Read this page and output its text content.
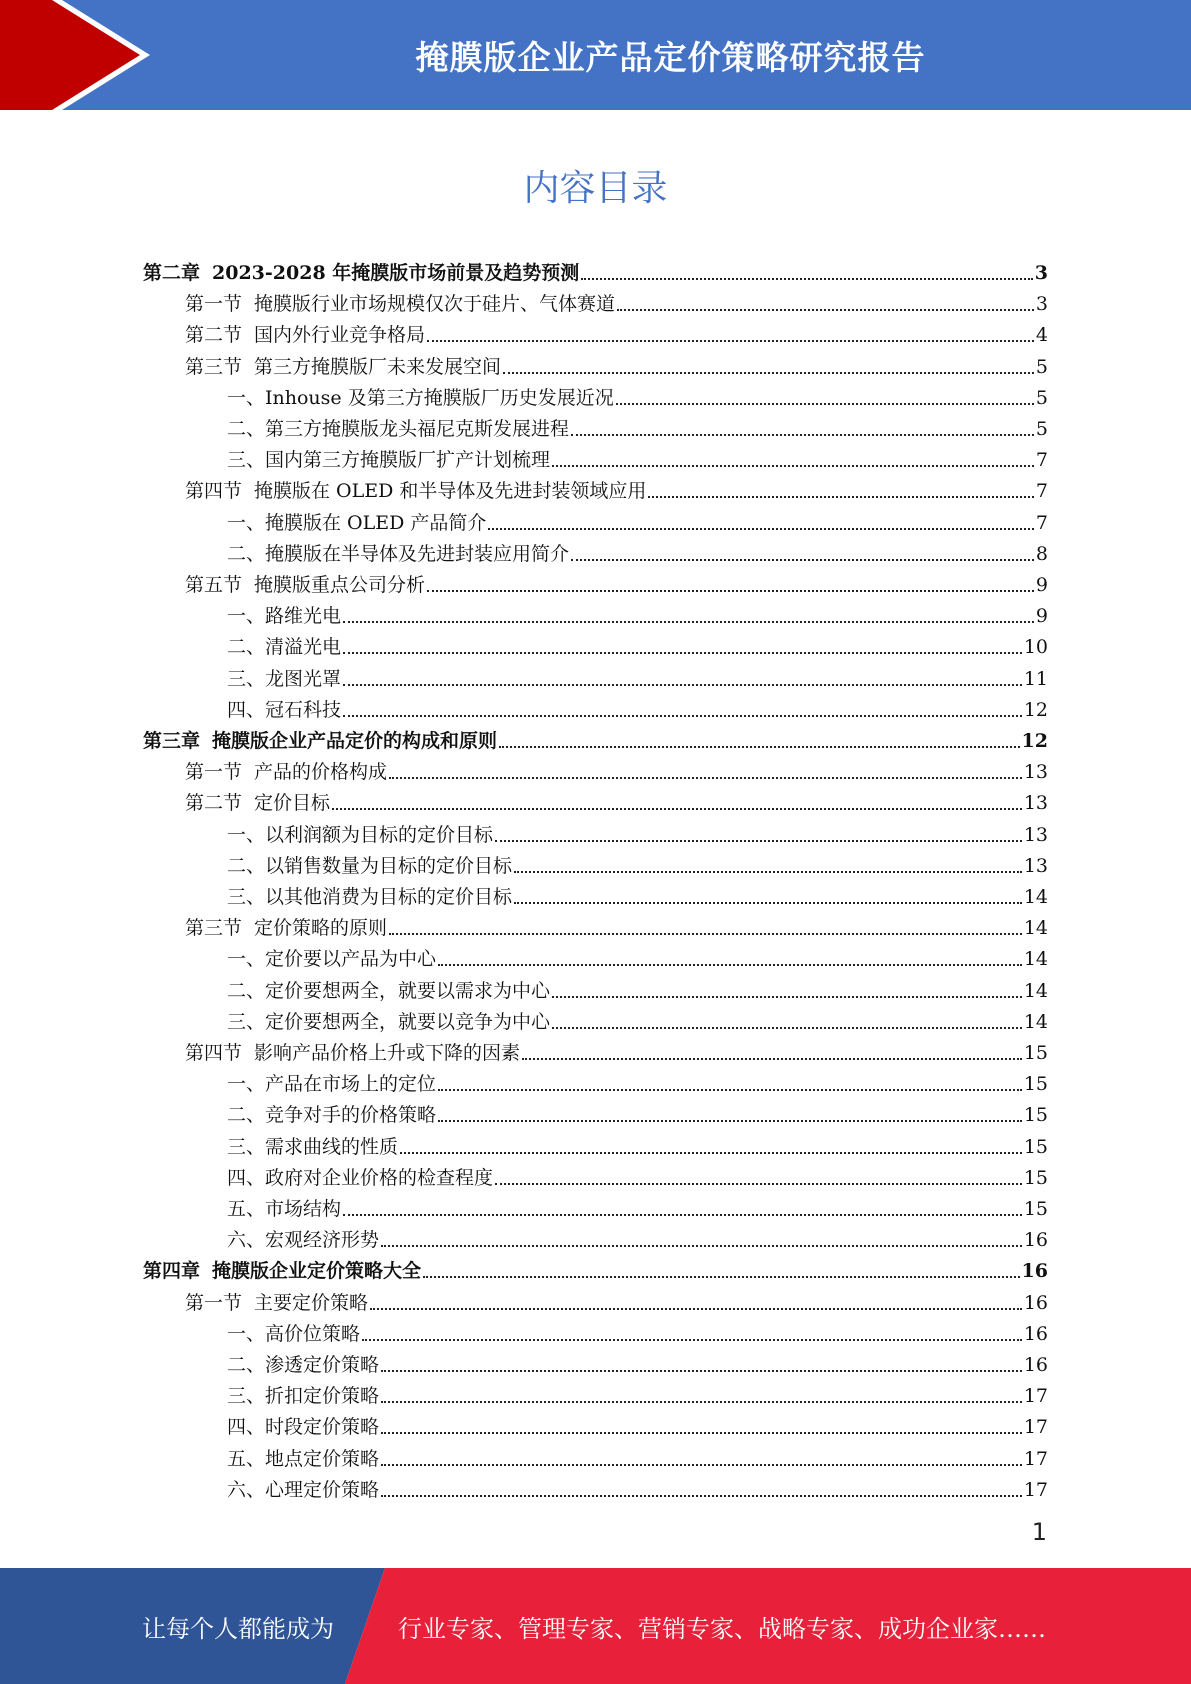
掩膜版企业产品定价策略研究报告
内容目录
第二章 2023-2028 年掩膜版市场前景及趋势预测	3
第一节 掩膜版行业市场规模仅次于硅片、气体赛道	3
第二节 国内外行业竞争格局	4
第三节 第三方掩膜版厂未来发展空间	5
一、Inhouse 及第三方掩膜版厂历史发展近况	5
二、第三方掩膜版龙头福尼克斯发展进程	5
三、国内第三方掩膜版厂扩产计划梳理	7
第四节 掩膜版在 OLED 和半导体及先进封装领域应用	7
一、掩膜版在 OLED 产品简介	7
二、掩膜版在半导体及先进封装应用简介	8
第五节 掩膜版重点公司分析	9
一、路维光电	9
二、清溢光电	10
三、龙图光罩	11
四、冠石科技	12
第三章 掩膜版企业产品定价的构成和原则	12
第一节 产品的价格构成	13
第二节 定价目标	13
一、以利润额为目标的定价目标	13
二、以销售数量为目标的定价目标	13
三、以其他消费为目标的定价目标	14
第三节 定价策略的原则	14
一、定价要以产品为中心	14
二、定价要想两全，就要以需求为中心	14
三、定价要想两全，就要以竞争为中心	14
第四节 影响产品价格上升或下降的因素	15
一、产品在市场上的定位	15
二、竞争对手的价格策略	15
三、需求曲线的性质	15
四、政府对企业价格的检查程度	15
五、市场结构	15
六、宏观经济形势	16
第四章 掩膜版企业定价策略大全	16
第一节 主要定价策略	16
一、高价位策略	16
二、渗透定价策略	16
三、折扣定价策略	17
四、时段定价策略	17
五、地点定价策略	17
六、心理定价策略	17
1
让每个人都能成为	行业专家、管理专家、营销专家、战略专家、成功企业家……
